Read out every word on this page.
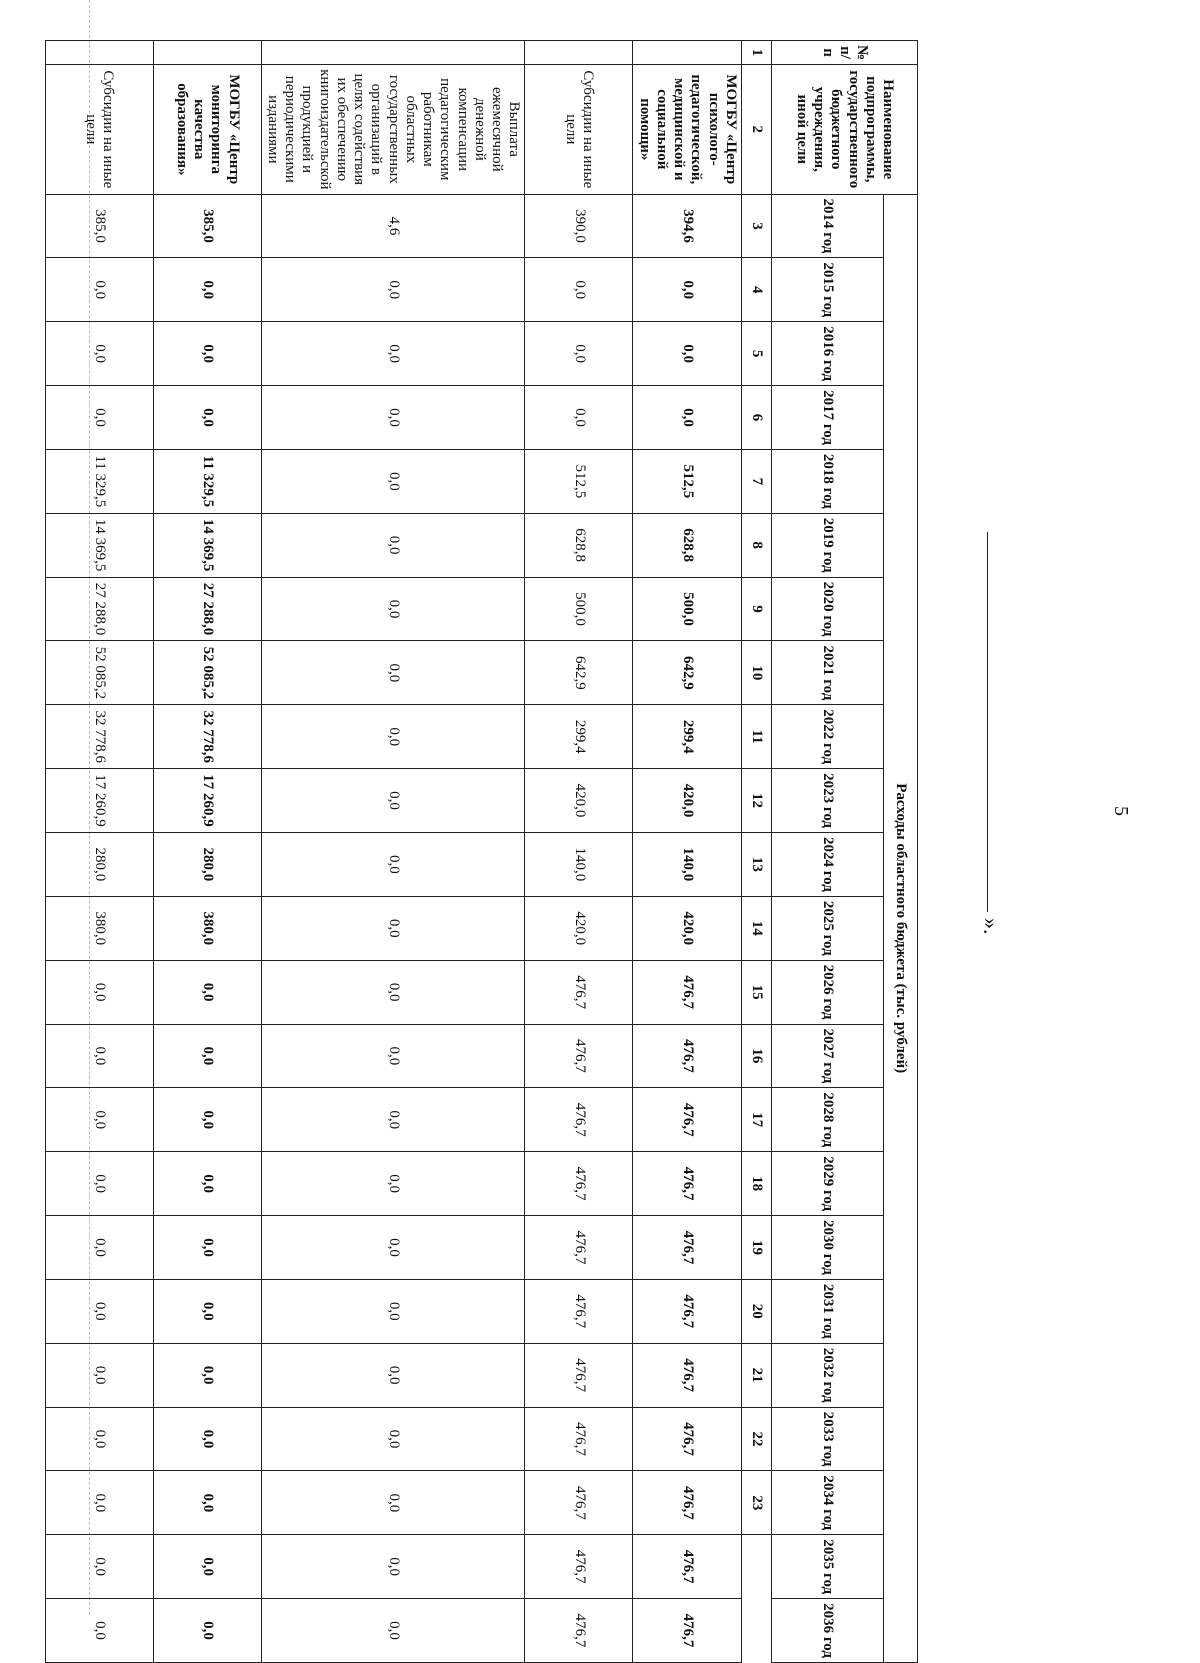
5
№ п/п	Наименование подпрограммы, государственного бюджетного учреждения, иной цели	Расходы областного бюджета (тыс. рублей)																						
		2014 год	2015 год	2016 год	2017 год	2018 год	2019 год	2020 год	2021 год	2022 год	2023 год	2024 год	2025 год	2026 год	2027 год	2028 год	2029 год	2030 год	2031 год	2032 год	2033 год	2034 год	2035 год	2036 год
1	2	3	4	5	6	7	8	9	10	11	12	13	14	15	16	17	18	19	20	21	22	23		
	МОГБУ «Центр психолого-педагогической, медицинской и социальной помощи»	394,6	0,0	0,0	0,0	512,5	628,8	500,0	642,9	299,4	420,0	140,0	420,0	476,7	476,7	476,7	476,7	476,7	476,7	476,7	476,7	476,7	476,7	476,7
	Субсидии на иные цели	390,0	0,0	0,0	0,0	512,5	628,8	500,0	642,9	299,4	420,0	140,0	420,0	476,7	476,7	476,7	476,7	476,7	476,7	476,7	476,7	476,7	476,7	476,7
	Выплата ежемесячной денежной компенсации педагогическим работникам областных государственных организаций в целях содействия их обеспечению книгоиздательской продукцией и периодическими изданиями	4,6	0,0	0,0	0,0	0,0	0,0	0,0	0,0	0,0	0,0	0,0	0,0	0,0	0,0	0,0	0,0	0,0	0,0	0,0	0,0	0,0	0,0	0,0
	МОГБУ «Центр мониторинга качества образования»	385,0	0,0	0,0	0,0	11 329,5	14 369,5	27 288,0	52 085,2	32 778,6	17 260,9	280,0	380,0	0,0	0,0	0,0	0,0	0,0	0,0	0,0	0,0	0,0	0,0	0,0
	Субсидии на иные цели	385,0	0,0	0,0	0,0	11 329,5	14 369,5	27 288,0	52 085,2	32 778,6	17 260,9	280,0	380,0	0,0	0,0	0,0	0,0	0,0	0,0	0,0	0,0	0,0	0,0	0,0
».
